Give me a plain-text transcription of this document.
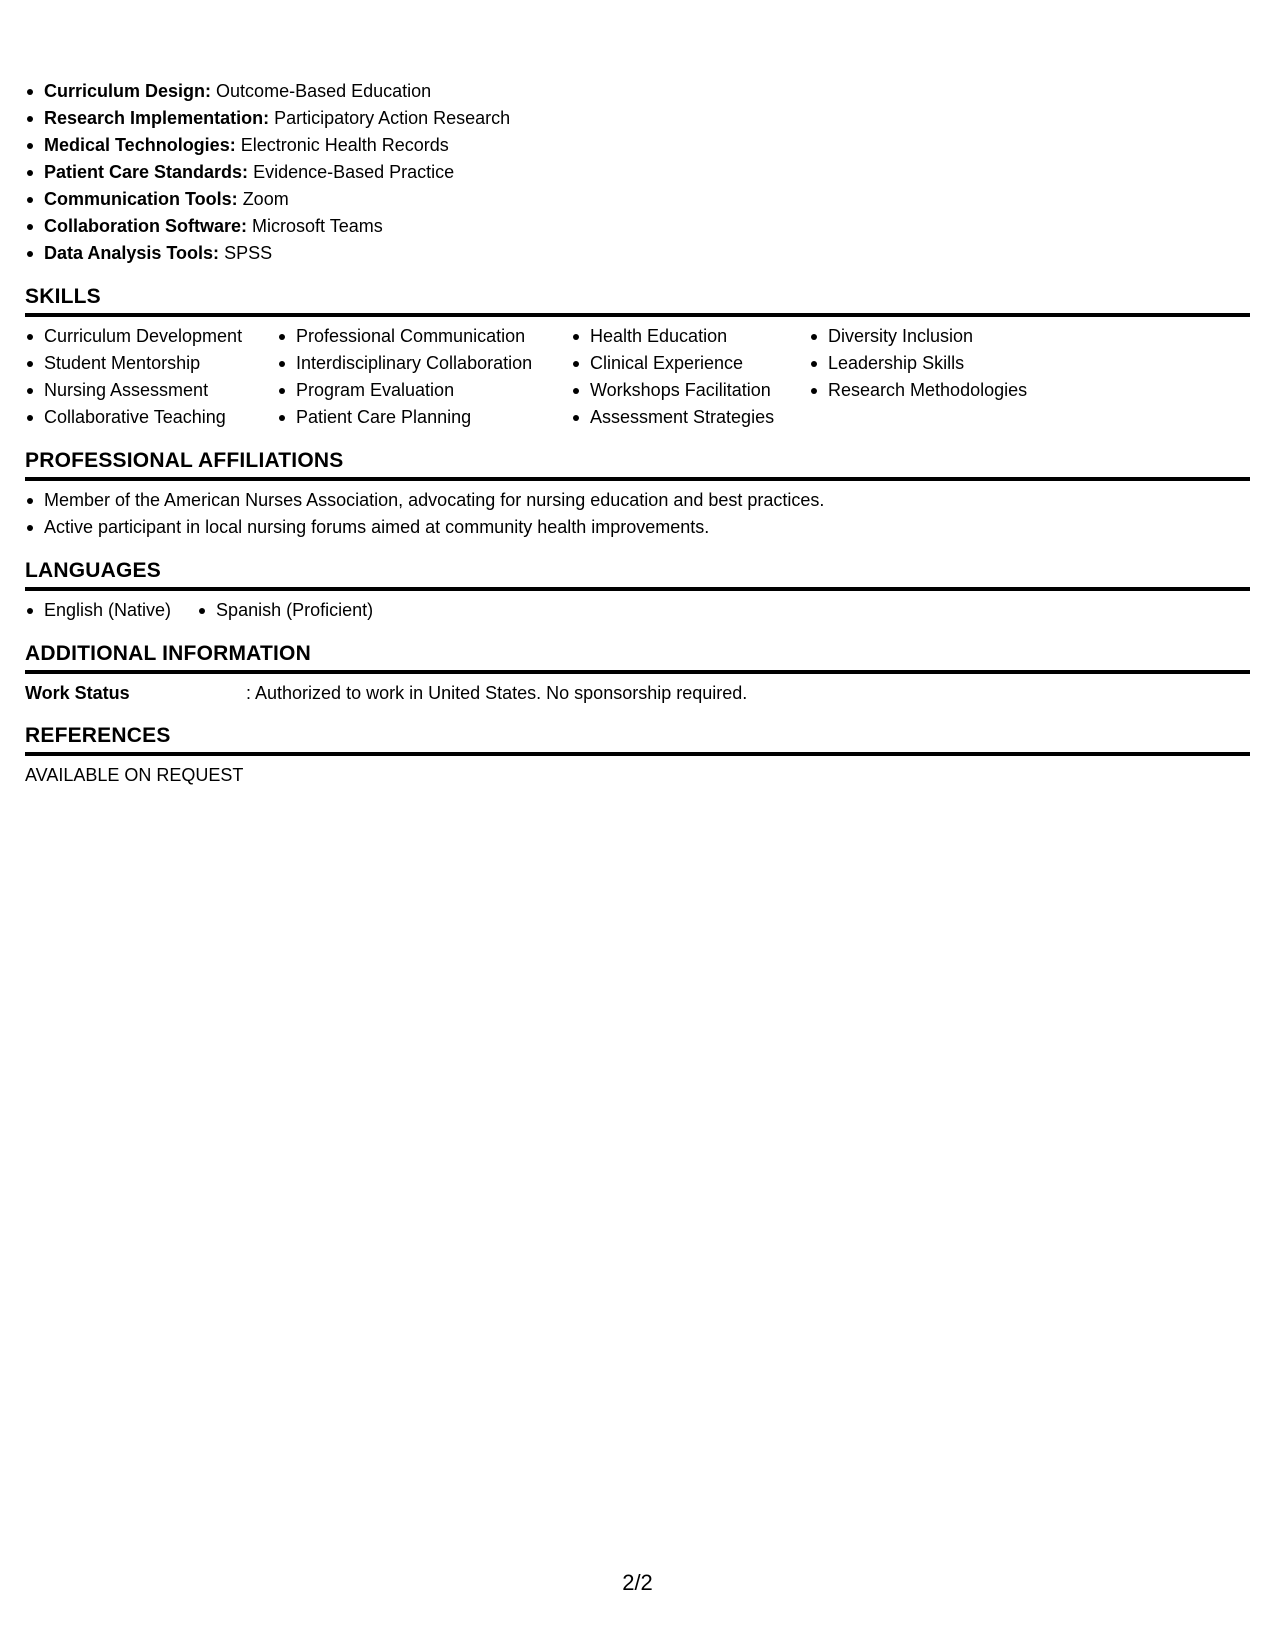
Curriculum Design: Outcome-Based Education
Research Implementation: Participatory Action Research
Medical Technologies: Electronic Health Records
Patient Care Standards: Evidence-Based Practice
Communication Tools: Zoom
Collaboration Software: Microsoft Teams
Data Analysis Tools: SPSS
SKILLS
Curriculum Development
Student Mentorship
Nursing Assessment
Collaborative Teaching
Professional Communication
Interdisciplinary Collaboration
Program Evaluation
Patient Care Planning
Health Education
Clinical Experience
Workshops Facilitation
Assessment Strategies
Diversity Inclusion
Leadership Skills
Research Methodologies
PROFESSIONAL AFFILIATIONS
Member of the American Nurses Association, advocating for nursing education and best practices.
Active participant in local nursing forums aimed at community health improvements.
LANGUAGES
English (Native)	Spanish (Proficient)
ADDITIONAL INFORMATION
Work Status	: Authorized to work in United States. No sponsorship required.
REFERENCES
AVAILABLE ON REQUEST
2/2
